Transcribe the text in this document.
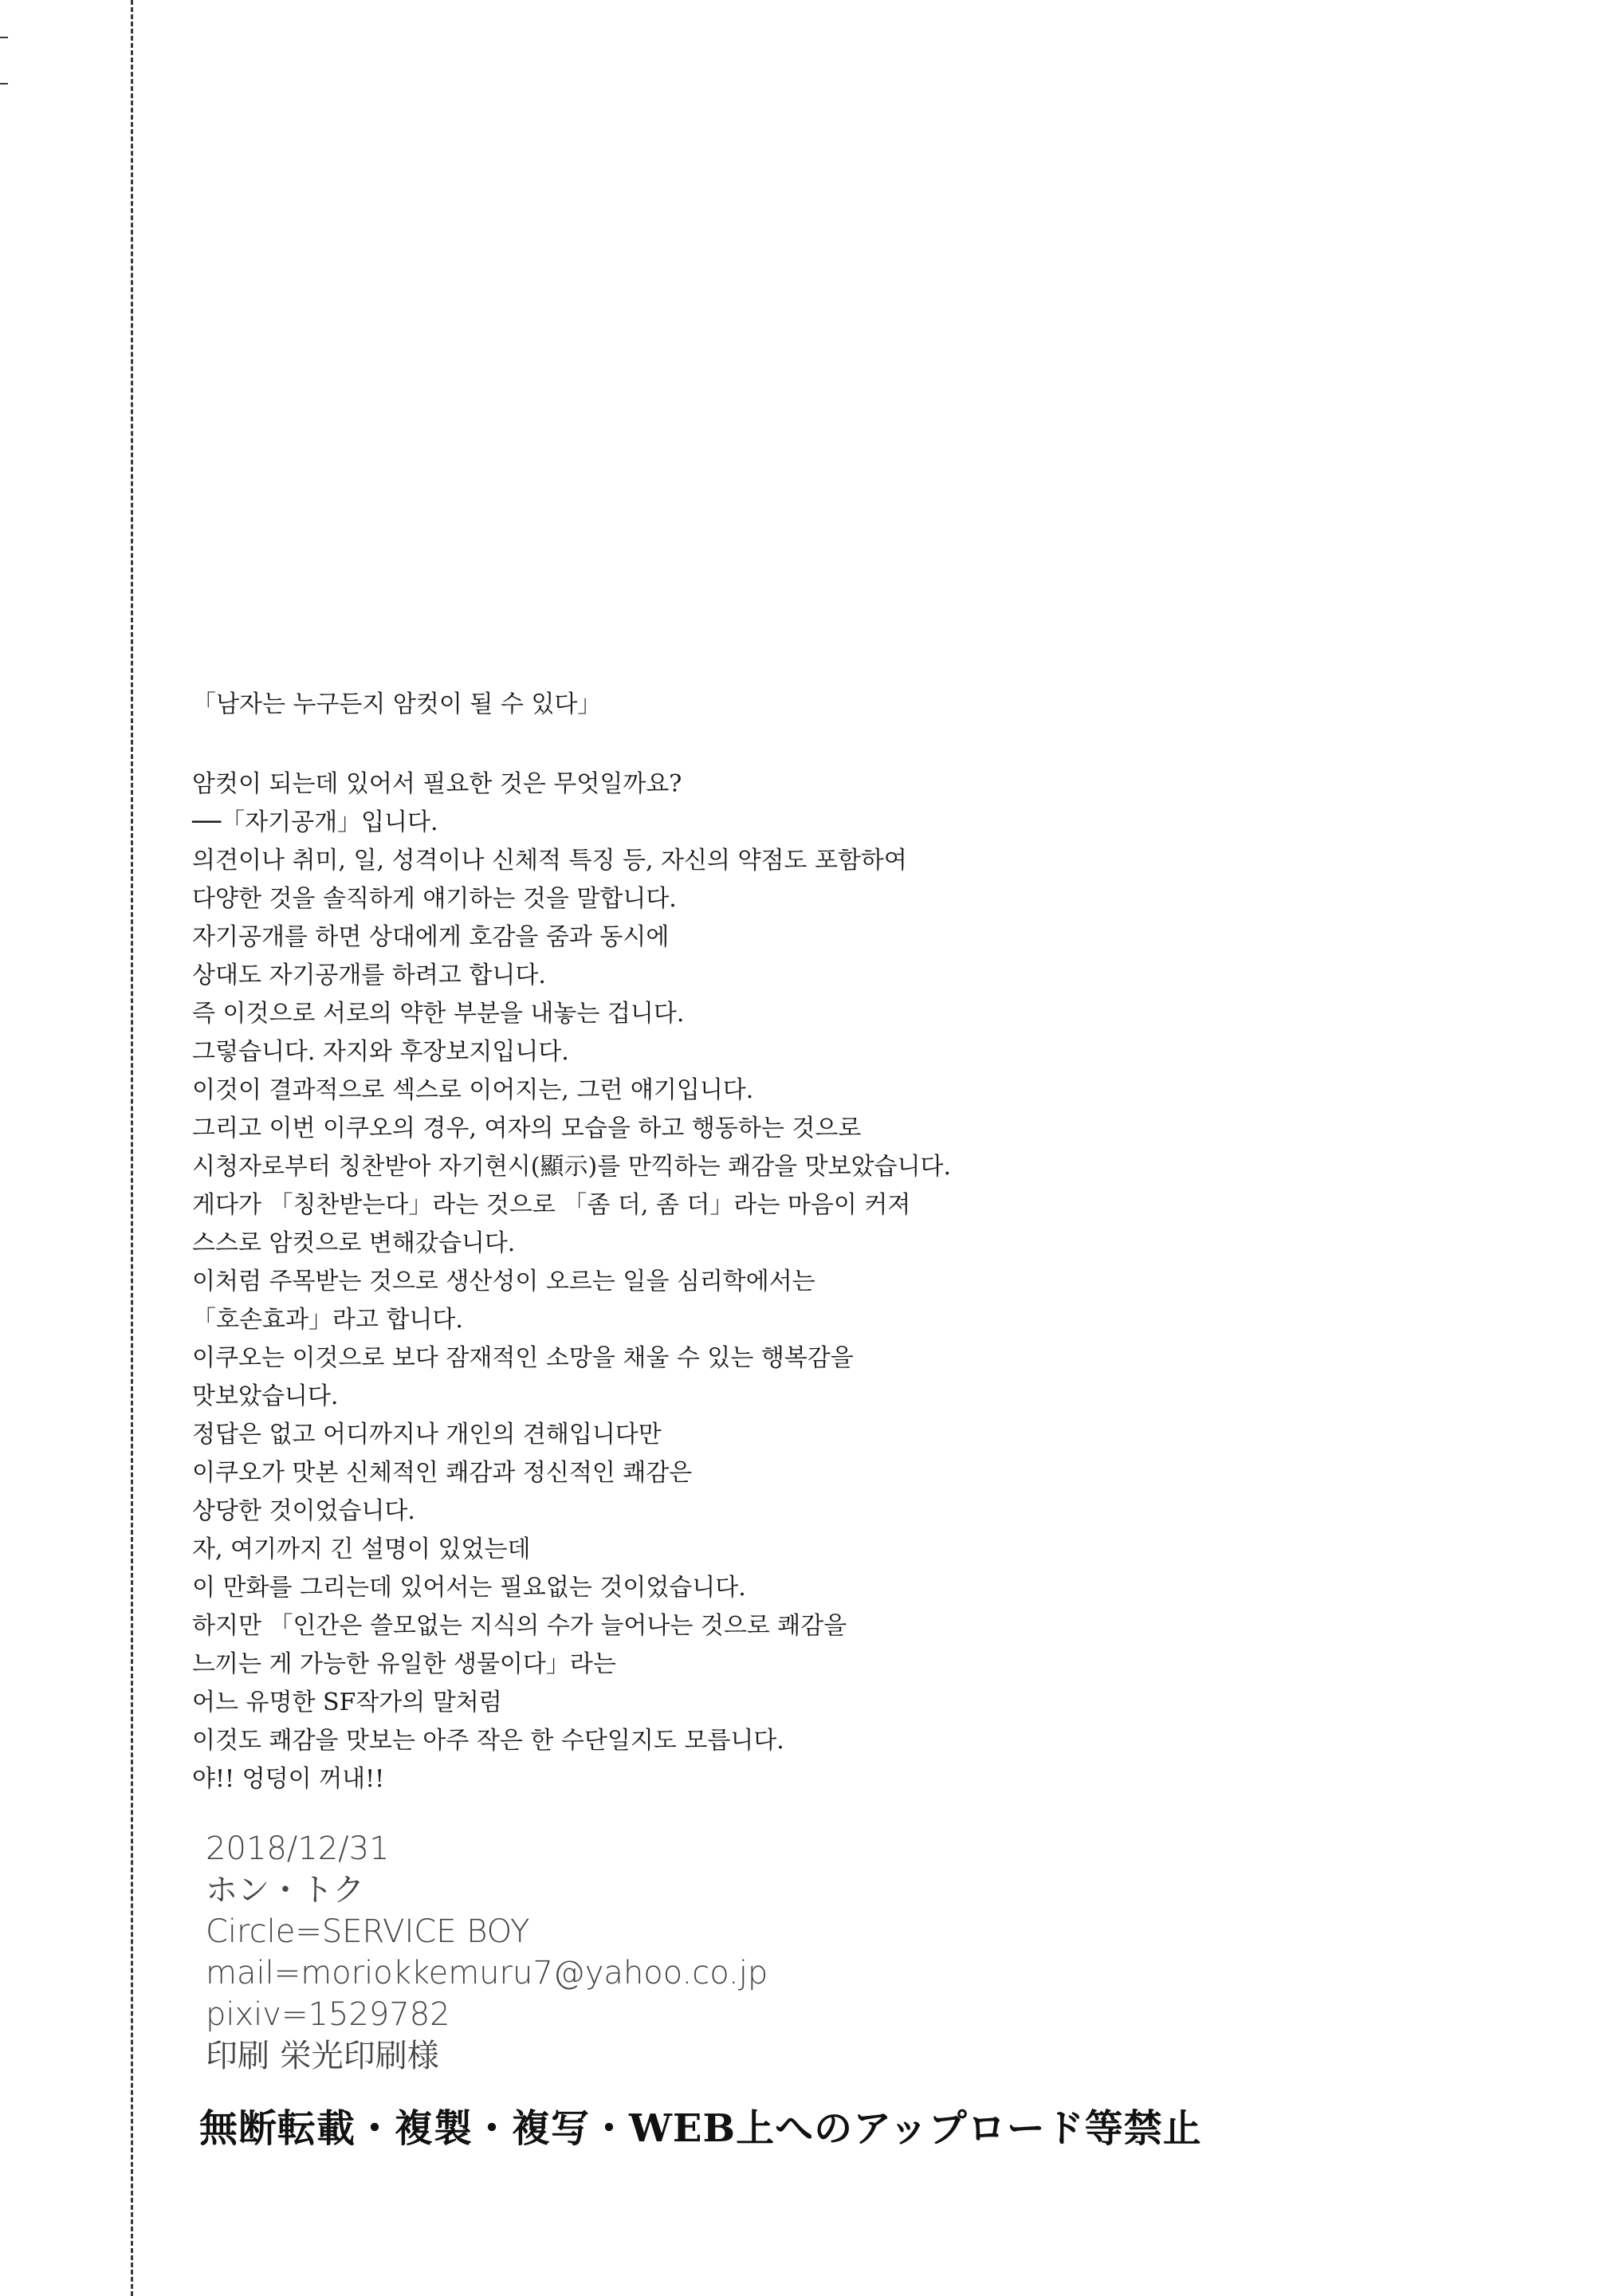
「남자는 누구든지 암컷이 될 수 있다」
암컷이 되는데 있어서 필요한 것은 무엇일까요?
──「자기공개」입니다.
의견이나 취미, 일, 성격이나 신체적 특징 등, 자신의 약점도 포함하여
다양한 것을 솔직하게 얘기하는 것을 말합니다.
자기공개를 하면 상대에게 호감을 줌과 동시에
상대도 자기공개를 하려고 합니다.
즉 이것으로 서로의 약한 부분을 내놓는 겁니다.
그렇습니다. 자지와 후장보지입니다.
이것이 결과적으로 섹스로 이어지는, 그런 얘기입니다.
그리고 이번 이쿠오의 경우, 여자의 모습을 하고 행동하는 것으로
시청자로부터 칭찬받아 자기현시(顯示)를 만끽하는 쾌감을 맛보았습니다.
게다가 「칭찬받는다」라는 것으로 「좀 더, 좀 더」라는 마음이 커져
스스로 암컷으로 변해갔습니다.
이처럼 주목받는 것으로 생산성이 오르는 일을 심리학에서는
「호손효과」라고 합니다.
이쿠오는 이것으로 보다 잠재적인 소망을 채울 수 있는 행복감을
맛보았습니다.
정답은 없고 어디까지나 개인의 견해입니다만
이쿠오가 맛본 신체적인 쾌감과 정신적인 쾌감은
상당한 것이었습니다.
자, 여기까지 긴 설명이 있었는데
이 만화를 그리는데 있어서는 필요없는 것이었습니다.
하지만 「인간은 쓸모없는 지식의 수가 늘어나는 것으로 쾌감을
느끼는 게 가능한 유일한 생물이다」라는
어느 유명한 SF작가의 말처럼
이것도 쾌감을 맛보는 아주 작은 한 수단일지도 모릅니다.
야!! 엉덩이 꺼내!!
2018/12/31
ホン・トク
Circle=SERVICE BOY
mail=moriokkemuru7@yahoo.co.jp
pixiv=1529782
印刷 栄光印刷様
無断転載・複製・複写・WEB上へのアップロード等禁止
